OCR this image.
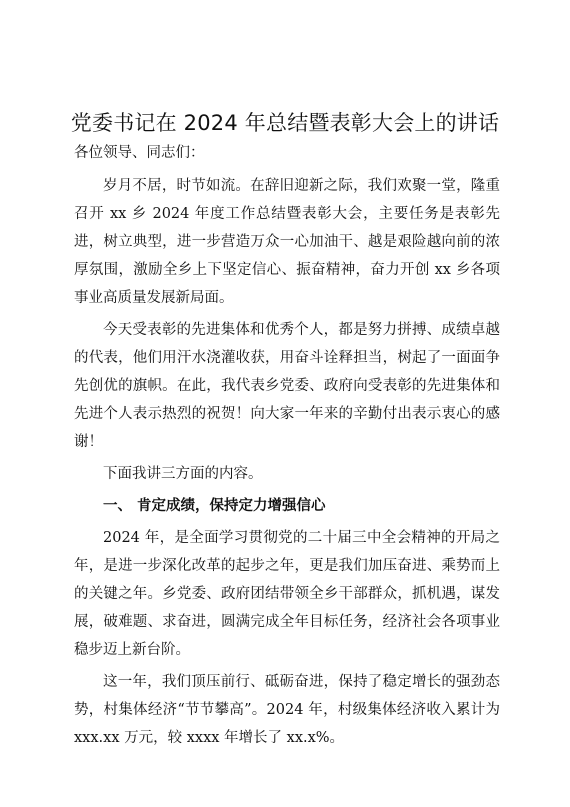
党委书记在 2024 年总结暨表彰大会上的讲话
各位领导、同志们：

岁月不居，时节如流。在辞旧迎新之际，我们欢聚一堂，隆重召开 xx 乡 2024 年度工作总结暨表彰大会，主要任务是表彰先进，树立典型，进一步营造万众一心加油干、越是艰险越向前的浓厚氛围，激励全乡上下坚定信心、振奋精神，奋力开创 xx 乡各项事业高质量发展新局面。

今天受表彰的先进集体和优秀个人，都是努力拼搏、成绩卓越的代表，他们用汗水浇灌收获，用奋斗诠释担当，树起了一面面争先创优的旗帜。在此，我代表乡党委、政府向受表彰的先进集体和先进个人表示热烈的祝贺！向大家一年来的辛勤付出表示衷心的感谢！

下面我讲三方面的内容。

一、 肯定成绩，保持定力增强信心

2024 年，是全面学习贯彻党的二十届三中全会精神的开局之年，是进一步深化改革的起步之年，更是我们加压奋进、乘势而上的关键之年。乡党委、政府团结带领全乡干部群众，抓机遇，谋发展，破难题、求奋进，圆满完成全年目标任务，经济社会各项事业稳步迈上新台阶。

这一年，我们顶压前行、砥砺奋进，保持了稳定增长的强劲态势，村集体经济“节节攀高”。2024 年，村级集体经济收入累计为 xxx.xx 万元，较 xxxx 年增长了 xx.x%。
